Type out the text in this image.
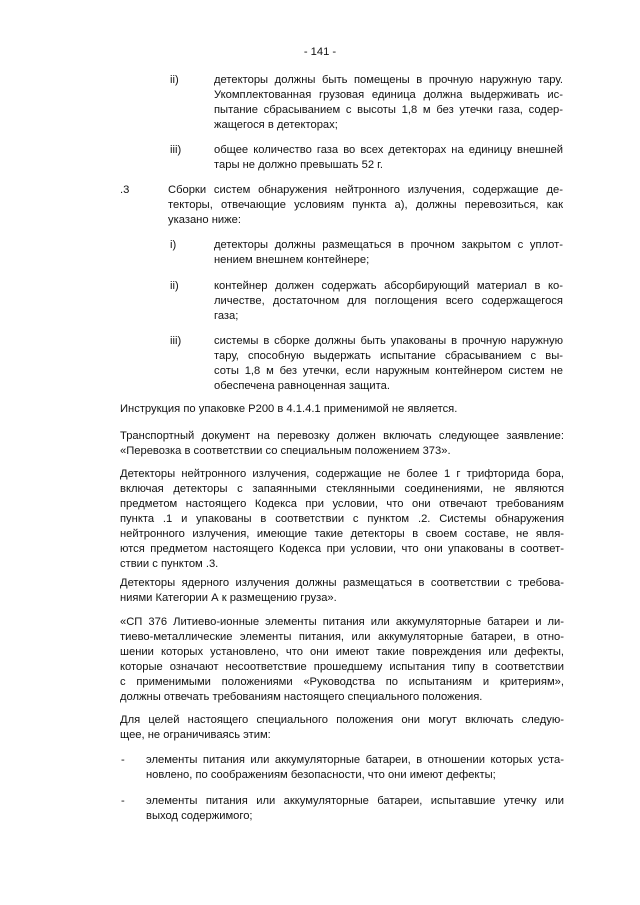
- 141 -
ii)	детекторы должны быть помещены в прочную наружную тару.
Укомплектованная грузовая единица должна выдерживать ис-
пытание сбрасыванием с высоты 1,8 м без утечки газа, содер-
жащегося в детекторах;
iii)	общее количество газа во всех детекторах на единицу внешней
тары не должно превышать 52 г.
.3	Сборки систем обнаружения нейтронного излучения, содержащие де-
текторы, отвечающие условиям пункта а), должны перевозиться, как
указано ниже:
i)	детекторы должны размещаться в прочном закрытом с уплот-
нением внешнем контейнере;
ii)	контейнер должен содержать абсорбирующий материал в ко-
личестве, достаточном для поглощения всего содержащегося
газа;
iii)	системы в сборке должны быть упакованы в прочную наружную
тару, способную выдержать испытание сбрасыванием с вы-
соты 1,8 м без утечки, если наружным контейнером систем не
обеспечена равноценная защита.
Инструкция по упаковке Р200 в 4.1.4.1 применимой не является.
Транспортный документ на перевозку должен включать следующее заявление:
«Перевозка в соответствии со специальным положением 373».
Детекторы нейтронного излучения, содержащие не более 1 г трифторида бора,
включая детекторы с запаянными стеклянными соединениями, не являются
предметом настоящего Кодекса при условии, что они отвечают требованиям
пункта .1 и упакованы в соответствии с пунктом .2. Системы обнаружения
нейтронного излучения, имеющие такие детекторы в своем составе, не явля-
ются предметом настоящего Кодекса при условии, что они упакованы в соответ-
ствии с пунктом .3.
Детекторы ядерного излучения должны размещаться в соответствии с требова-
ниями Категории А к размещению груза».
«СП 376 Литиево-ионные элементы питания или аккумуляторные батареи и ли-
тиево-металлические элементы питания, или аккумуляторные батареи, в отно-
шении которых установлено, что они имеют такие повреждения или дефекты,
которые означают несоответствие прошедшему испытания типу в соответствии
с применимыми положениями «Руководства по испытаниям и критериям»,
должны отвечать требованиям настоящего специального положения.
Для целей настоящего специального положения они могут включать следую-
щее, не ограничиваясь этим:
- элементы питания или аккумуляторные батареи, в отношении которых уста-
новлено, по соображениям безопасности, что они имеют дефекты;
- элементы питания или аккумуляторные батареи, испытавшие утечку или
выход содержимого;
